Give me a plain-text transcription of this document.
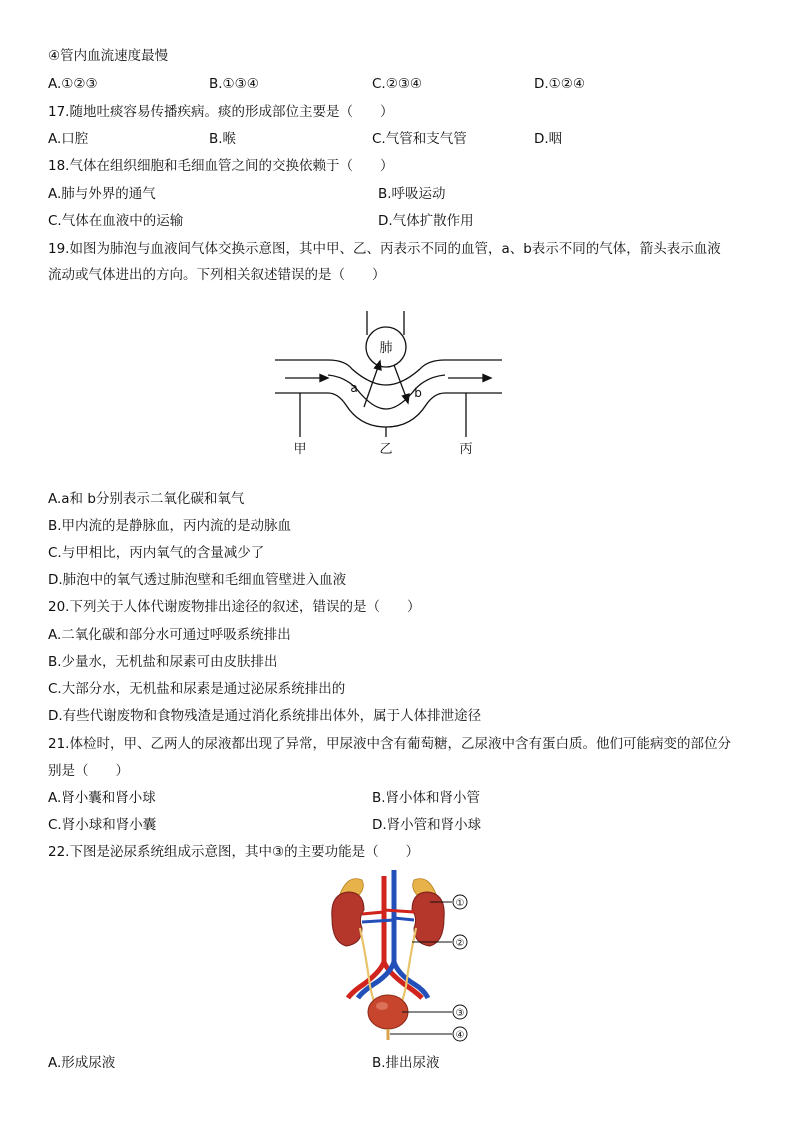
④管内血流速度最慢
A.①②③	B.①③④	C.②③④	D.①②④
17.随地吐痰容易传播疾病。痰的形成部位主要是（　　）
A.口腔	B.喉	C.气管和支气管	D.咽
18.气体在组织细胞和毛细血管之间的交换依赖于（　　）
A.肺与外界的通气	B.呼吸运动
C.气体在血液中的运输	D.气体扩散作用
19.如图为肺泡与血液间气体交换示意图，其中甲、乙、丙表示不同的血管，a、b表示不同的气体，箭头表示血液
流动或气体进出的方向。下列相关叙述错误的是（　　）
肺
a	b
甲	乙	丙
A.a和 b分别表示二氧化碳和氧气
B.甲内流的是静脉血，丙内流的是动脉血
C.与甲相比，丙内氧气的含量减少了
D.肺泡中的氧气透过肺泡壁和毛细血管壁进入血液
20.下列关于人体代谢废物排出途径的叙述，错误的是（　　）
A.二氧化碳和部分水可通过呼吸系统排出
B.少量水，无机盐和尿素可由皮肤排出
C.大部分水，无机盐和尿素是通过泌尿系统排出的
D.有些代谢废物和食物残渣是通过消化系统排出体外，属于人体排泄途径
21.体检时，甲、乙两人的尿液都出现了异常，甲尿液中含有葡萄糖，乙尿液中含有蛋白质。他们可能病变的部位分
别是（　　）
A.肾小囊和肾小球	B.肾小体和肾小管
C.肾小球和肾小囊	D.肾小管和肾小球
22.下图是泌尿系统组成示意图，其中③的主要功能是（　　）
①
②
③
④
A.形成尿液	B.排出尿液
